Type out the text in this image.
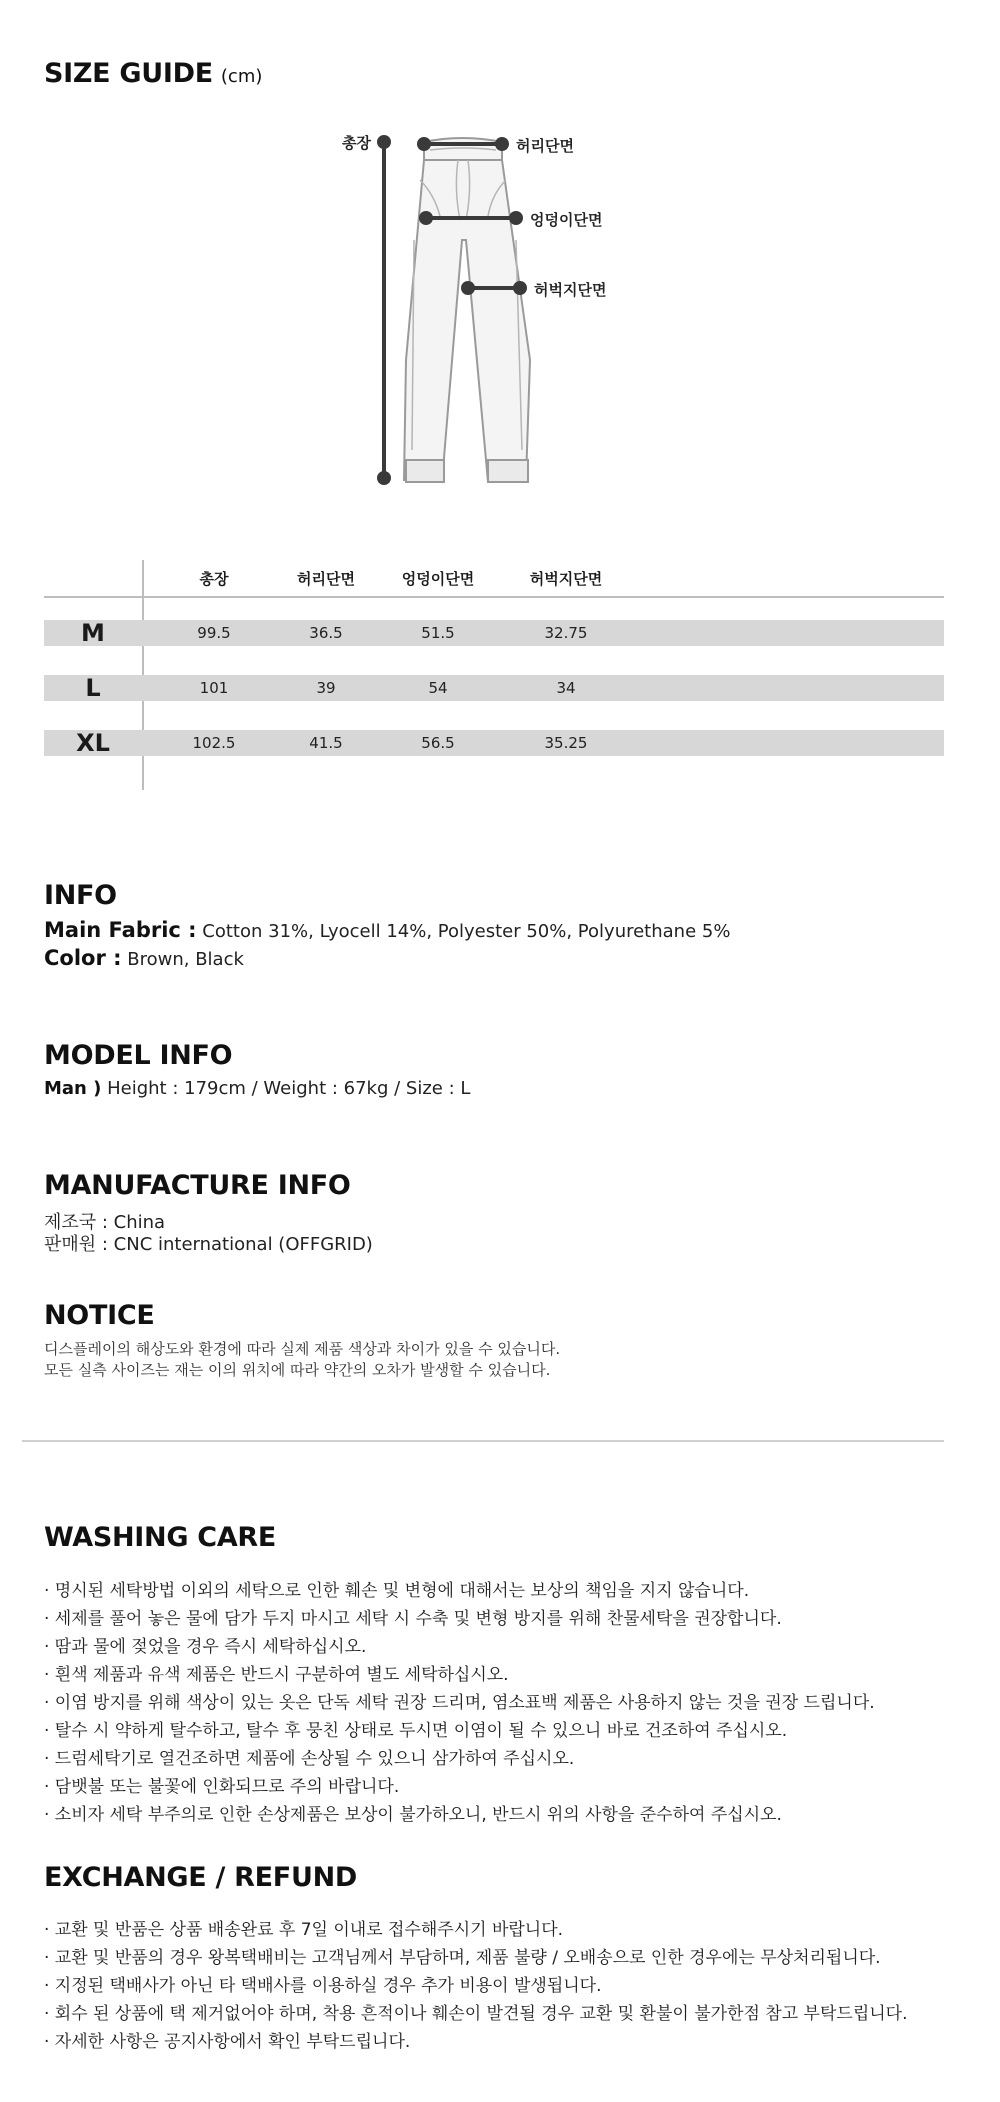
SIZE GUIDE (cm)
총장	허리단면
엉덩이단면
허벅지단면
총장	허리단면	엉덩이단면	허벅지단면
M	99.5	36.5	51.5	32.75
L	101	39	54	34
XL	102.5	41.5	56.5	35.25
INFO
Main Fabric : Cotton 31%, Lyocell 14%, Polyester 50%, Polyurethane 5%
Color : Brown, Black
MODEL INFO
Man ) Height : 179cm / Weight : 67kg / Size : L
MANUFACTURE INFO
제조국 : China
판매원 : CNC international (OFFGRID)
NOTICE
디스플레이의 해상도와 환경에 따라 실제 제품 색상과 차이가 있을 수 있습니다.
모든 실측 사이즈는 재는 이의 위치에 따라 약간의 오차가 발생할 수 있습니다.
WASHING CARE
· 명시된 세탁방법 이외의 세탁으로 인한 훼손 및 변형에 대해서는 보상의 책임을 지지 않습니다.
· 세제를 풀어 놓은 물에 담가 두지 마시고 세탁 시 수축 및 변형 방지를 위해 찬물세탁을 권장합니다.
· 땀과 물에 젖었을 경우 즉시 세탁하십시오.
· 흰색 제품과 유색 제품은 반드시 구분하여 별도 세탁하십시오.
· 이염 방지를 위해 색상이 있는 옷은 단독 세탁 권장 드리며, 염소표백 제품은 사용하지 않는 것을 권장 드립니다.
· 탈수 시 약하게 탈수하고, 탈수 후 뭉친 상태로 두시면 이염이 될 수 있으니 바로 건조하여 주십시오.
· 드럼세탁기로 열건조하면 제품에 손상될 수 있으니 삼가하여 주십시오.
· 담뱃불 또는 불꽃에 인화되므로 주의 바랍니다.
· 소비자 세탁 부주의로 인한 손상제품은 보상이 불가하오니, 반드시 위의 사항을 준수하여 주십시오.
EXCHANGE / REFUND
· 교환 및 반품은 상품 배송완료 후 7일 이내로 접수해주시기 바랍니다.
· 교환 및 반품의 경우 왕복택배비는 고객님께서 부담하며, 제품 불량 / 오배송으로 인한 경우에는 무상처리됩니다.
· 지정된 택배사가 아닌 타 택배사를 이용하실 경우 추가 비용이 발생됩니다.
· 회수 된 상품에 택 제거없어야 하며, 착용 흔적이나 훼손이 발견될 경우 교환 및 환불이 불가한점 참고 부탁드립니다.
· 자세한 사항은 공지사항에서 확인 부탁드립니다.
